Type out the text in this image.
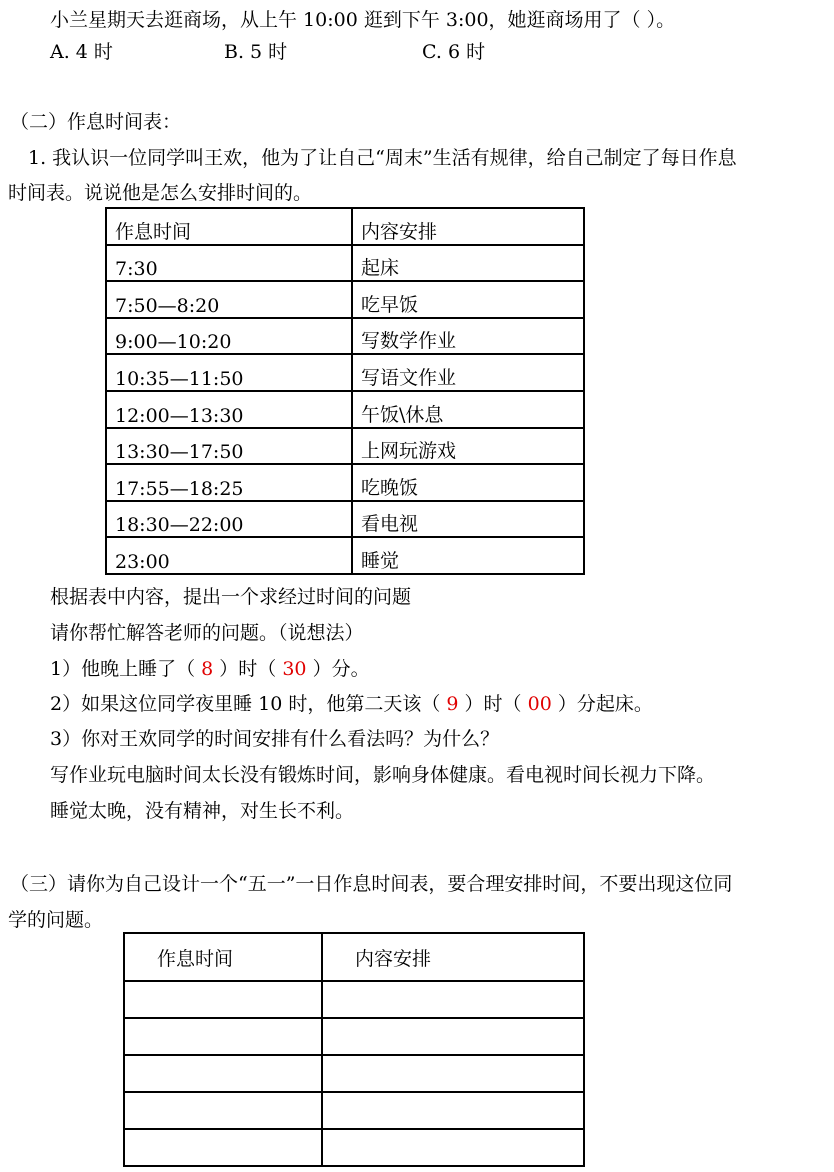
小兰星期天去逛商场，从上午 10:00 逛到下午 3:00，她逛商场用了（ ）。
A. 4 时	B. 5 时	C. 6 时
（二）作息时间表：
1. 我认识一位同学叫王欢，他为了让自己“周末”生活有规律，给自己制定了每日作息
时间表。说说他是怎么安排时间的。
作息时间	内容安排
7:30	起床
7:50—8:20	吃早饭
9:00—10:20	写数学作业
10:35—11:50	写语文作业
12:00—13:30	午饭\休息
13:30—17:50	上网玩游戏
17:55—18:25	吃晚饭
18:30—22:00	看电视
23:00	睡觉
根据表中内容，提出一个求经过时间的问题
请你帮忙解答老师的问题。（说想法）
1）他晚上睡了（ 8 ）时（ 30 ）分。
2）如果这位同学夜里睡 10 时，他第二天该（ 9 ）时（ 00 ）分起床。
3）你对王欢同学的时间安排有什么看法吗？为什么？
写作业玩电脑时间太长没有锻炼时间，影响身体健康。看电视时间长视力下降。
睡觉太晚，没有精神，对生长不利。
（三）请你为自己设计一个“五一”一日作息时间表，要合理安排时间，不要出现这位同
学的问题。
作息时间	内容安排
